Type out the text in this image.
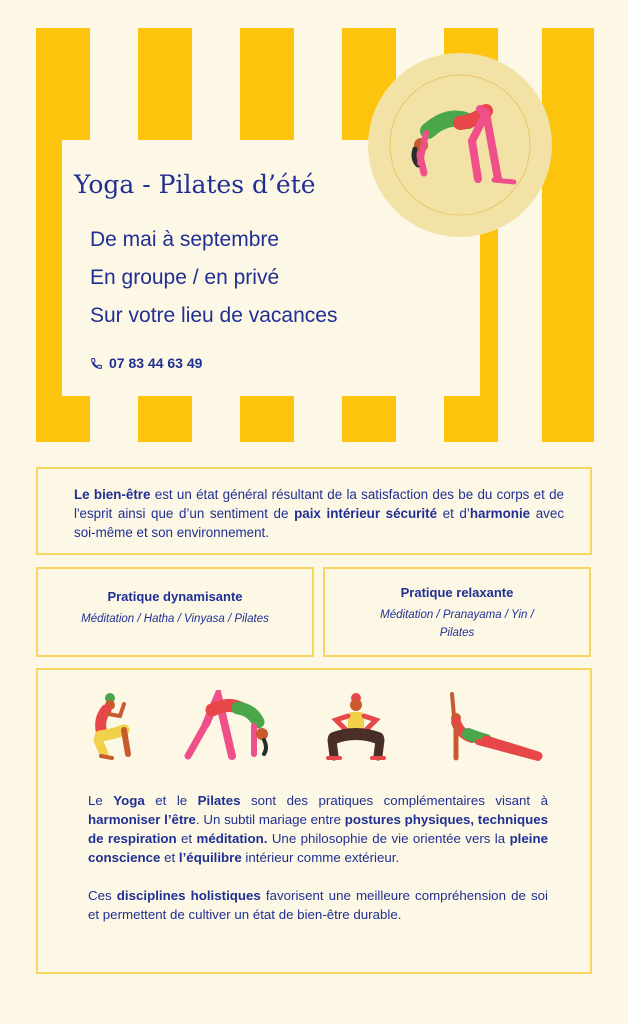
Yoga - Pilates d’été
De mai à septembre
En groupe / en privé
Sur votre lieu de vacances
07 83 44 63 49

Le bien-être est un état général résultant de la satisfaction des be du corps et de l'esprit ainsi que d’un sentiment de paix intérieur sécurité et d’harmonie avec soi-même et son environnement.

Pratique dynamisante
Méditation / Hatha / Vinyasa / Pilates
Pratique relaxante
Méditation / Pranayama / Yin / Pilates

Le Yoga et le Pilates sont des pratiques complémentaires visant à harmoniser l’être. Un subtil mariage entre postures physiques, techniques de respiration et méditation. Une philosophie de vie orientée vers la pleine conscience et l’équilibre intérieur comme extérieur.

Ces disciplines holistiques favorisent une meilleure compréhension de soi et permettent de cultiver un état de bien-être durable.
